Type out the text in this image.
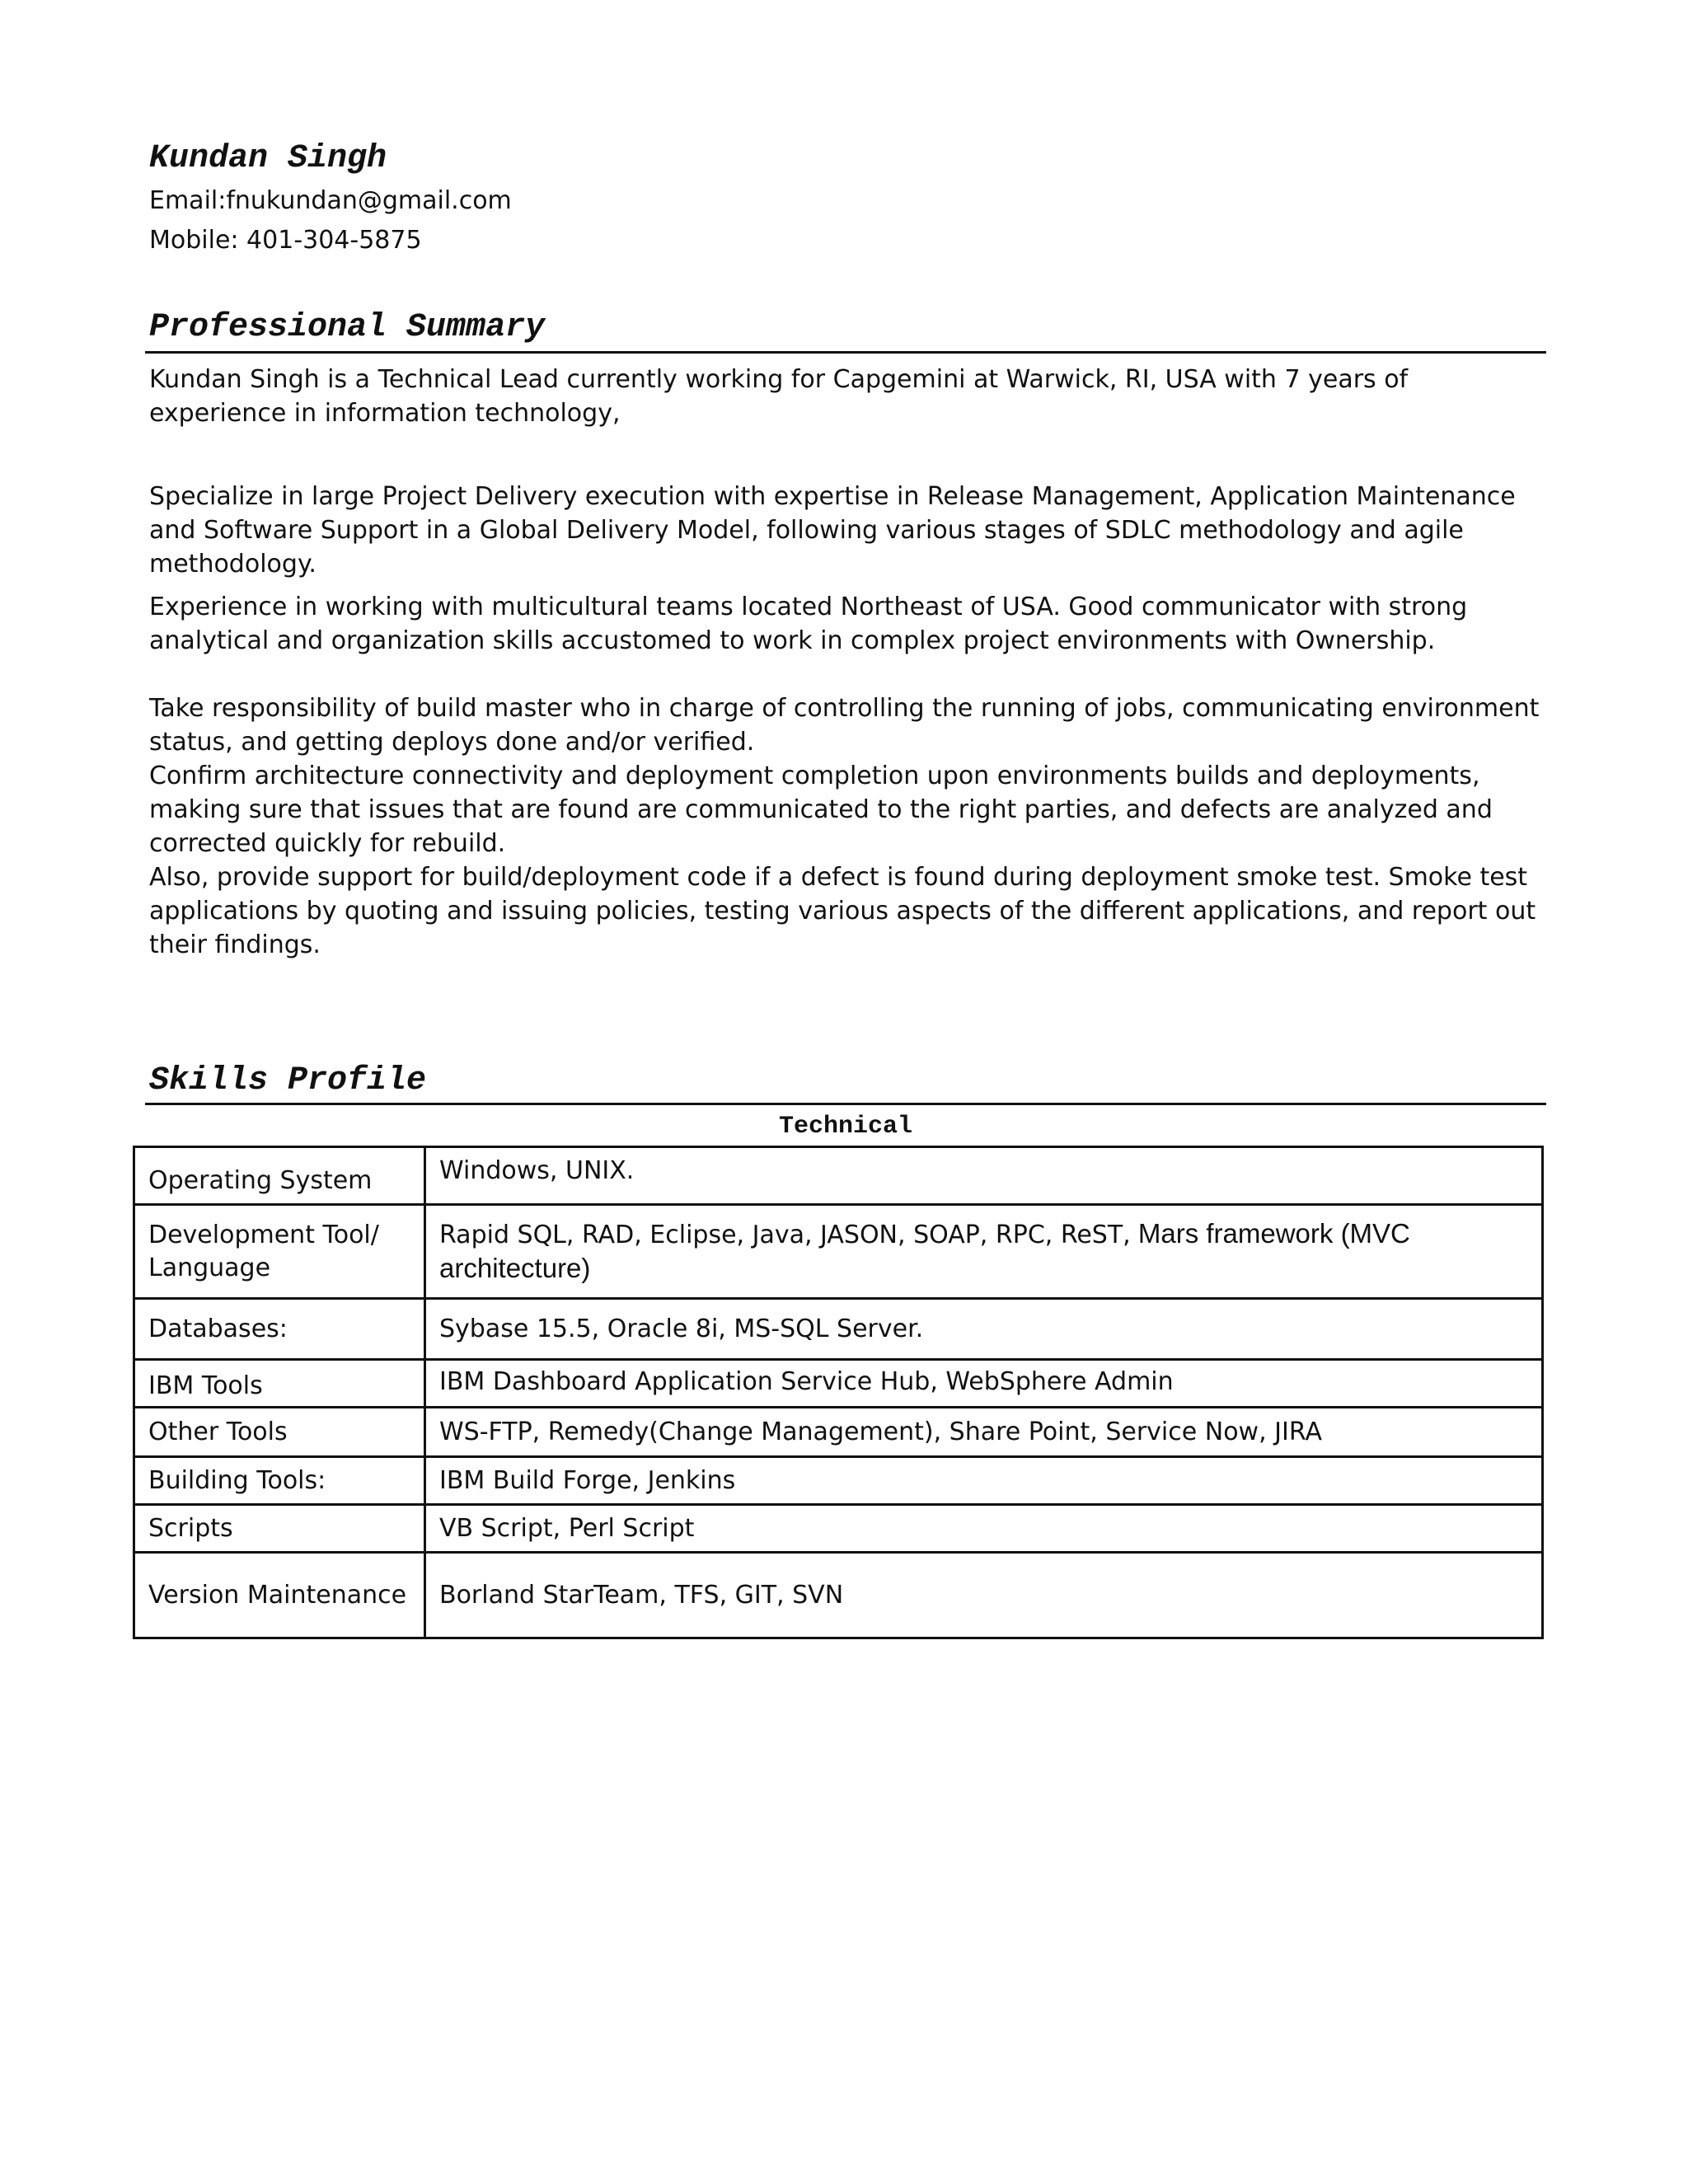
Kundan Singh
Email:fnukundan@gmail.com
Mobile: 401-304-5875
Professional Summary

Kundan Singh is a Technical Lead currently working for Capgemini at Warwick, RI, USA with 7 years of experience in information technology,

Specialize in large Project Delivery execution with expertise in Release Management, Application Maintenance and Software Support in a Global Delivery Model, following various stages of SDLC methodology and agile methodology.

Experience in working with multicultural teams located Northeast of USA. Good communicator with strong analytical and organization skills accustomed to work in complex project environments with Ownership.

Take responsibility of build master who in charge of controlling the running of jobs, communicating environment status, and getting deploys done and/or verified.

Confirm architecture connectivity and deployment completion upon environments builds and deployments, making sure that issues that are found are communicated to the right parties, and defects are analyzed and corrected quickly for rebuild.

Also, provide support for build/deployment code if a defect is found during deployment smoke test. Smoke test applications by quoting and issuing policies, testing various aspects of the different applications, and report out their findings.

Skills Profile
Technical
Operating System	Windows, UNIX.
Development Tool/ Language	Rapid SQL, RAD, Eclipse, Java, JASON, SOAP, RPC, ReST, Mars framework (MVC architecture)
Databases:	Sybase 15.5, Oracle 8i, MS-SQL Server.
IBM Tools	IBM Dashboard Application Service Hub, WebSphere Admin
Other Tools	WS-FTP, Remedy(Change Management), Share Point, Service Now, JIRA
Building Tools:	IBM Build Forge, Jenkins
Scripts	VB Script, Perl Script
Version Maintenance	Borland StarTeam, TFS, GIT, SVN
